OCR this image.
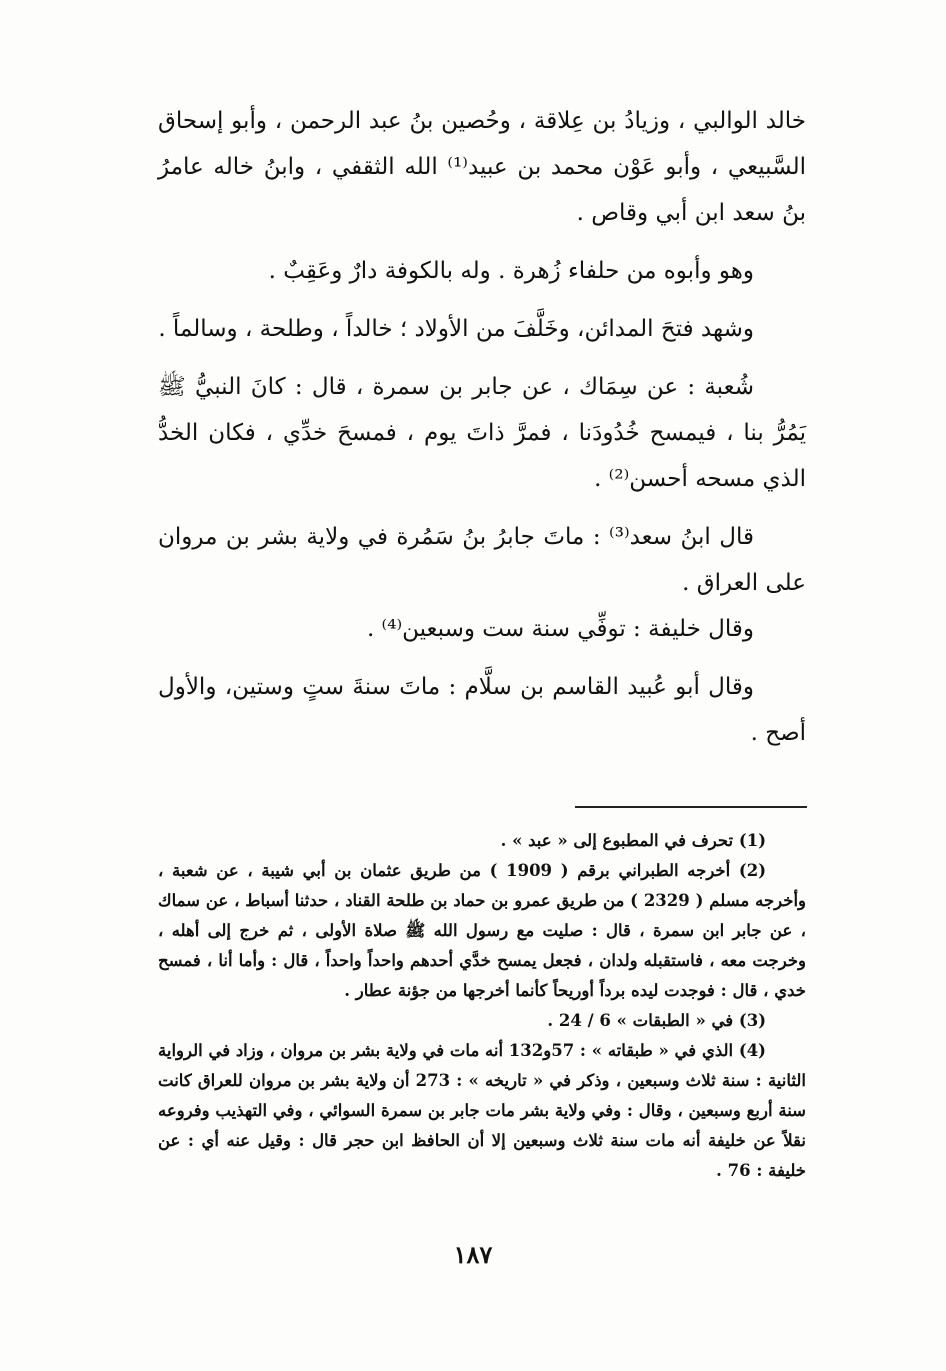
خالد الوالبي ، وزيادُ بن عِلاقة ، وحُصين بنُ عبد الرحمن ، وأبو إسحاق السَّبيعي ، وأبو عَوْن محمد بن عبيد⁽¹⁾ الله الثقفي ، وابنُ خاله عامرُ بنُ سعد ابن أبي وقاص .

وهو وأبوه من حلفاء زُهرة . وله بالكوفة دارٌ وعَقِبٌ .

وشهد فتحَ المدائن، وخَلَّفَ من الأولاد ؛ خالداً ، وطلحة ، وسالماً .

شُعبة : عن سِمَاك ، عن جابر بن سمرة ، قال : كانَ النبيُّ ﷺ يَمُرُّ بنا ، فيمسح خُدُودَنا ، فمرَّ ذاتَ يوم ، فمسحَ خدِّي ، فكان الخدُّ الذي مسحه أحسن⁽²⁾ .

قال ابنُ سعد⁽³⁾ : ماتَ جابرُ بنُ سَمُرة في ولاية بشر بن مروان على العراق .

وقال خليفة : توفِّي سنة ست وسبعين⁽⁴⁾ .

وقال أبو عُبيد القاسم بن سلَّام : ماتَ سنةَ ستٍ وستين، والأول أصح .

(1) تحرف في المطبوع إلى « عبد » .

(2) أخرجه الطبراني برقم ( 1909 ) من طريق عثمان بن أبي شيبة ، عن شعبة ، وأخرجه مسلم ( 2329 ) من طريق عمرو بن حماد بن طلحة القناد ، حدثنا أسباط ، عن سماك ، عن جابر ابن سمرة ، قال : صليت مع رسول الله ﷺ صلاة الأولى ، ثم خرج إلى أهله ، وخرجت معه ، فاستقبله ولدان ، فجعل يمسح خدَّي أحدهم واحداً واحداً ، قال : وأما أنا ، فمسح خدي ، قال : فوجدت ليده برداً أوريحاً كأنما أخرجها من جؤنة عطار .

(3) في « الطبقات » 6 / 24 .

(4) الذي في « طبقاته » : 57و132 أنه مات في ولاية بشر بن مروان ، وزاد في الرواية الثانية : سنة ثلاث وسبعين ، وذكر في « تاريخه » : 273 أن ولاية بشر بن مروان للعراق كانت سنة أربع وسبعين ، وقال : وفي ولاية بشر مات جابر بن سمرة السوائي ، وفي التهذيب وفروعه نقلاً عن خليفة أنه مات سنة ثلاث وسبعين إلا أن الحافظ ابن حجر قال : وقيل عنه أي : عن خليفة : 76 .

١٨٧
